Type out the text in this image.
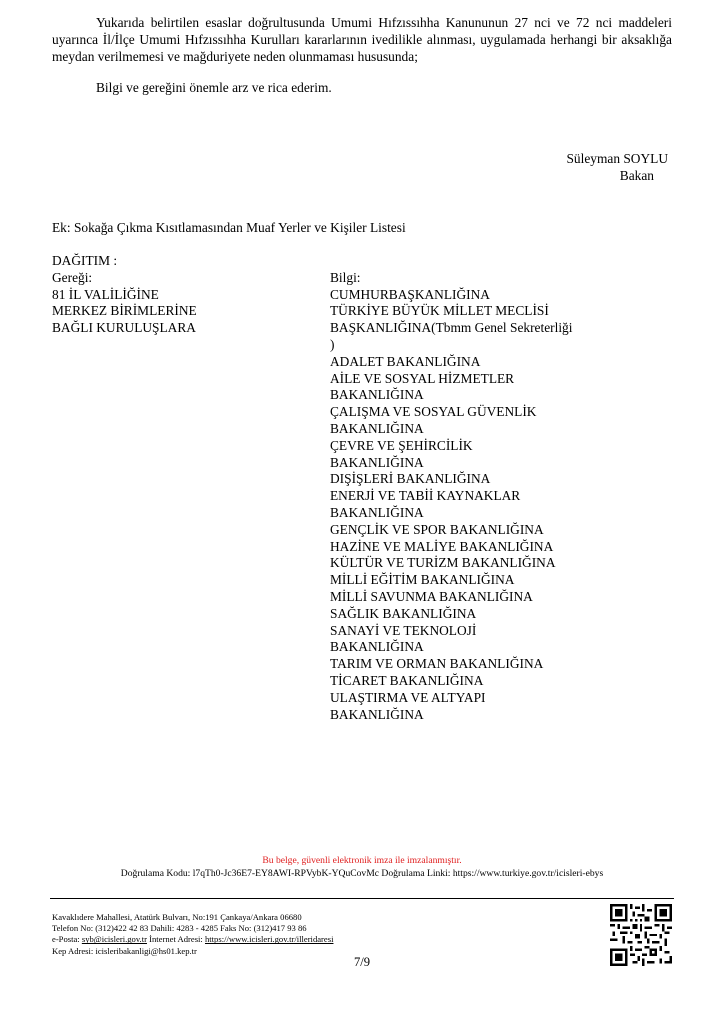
Yukarıda belirtilen esaslar doğrultusunda Umumi Hıfzıssıhha Kanununun 27 nci ve 72 nci maddeleri uyarınca İl/İlçe Umumi Hıfzıssıhha Kurulları kararlarının ivedilikle alınması, uygulamada herhangi bir aksaklığa meydan verilmemesi ve mağduriyete neden olunmaması hususunda;

Bilgi ve gereğini önemle arz ve rica ederim.

Süleyman SOYLU
Bakan
Ek: Sokağa Çıkma Kısıtlamasından Muaf Yerler ve Kişiler Listesi
DAĞITIM :
Gereği:
81 İL VALİLİĞİNE
MERKEZ BİRİMLERİNE
BAĞLI KURULUŞLARA
Bilgi:
CUMHURBAŞKANLIĞINA
TÜRKİYE BÜYÜK MİLLET MECLİSİ
BAŞKANLIĞINA(Tbmm Genel Sekreterliği
)
ADALET BAKANLIĞINA
AİLE VE SOSYAL HİZMETLER
BAKANLIĞINA
ÇALIŞMA VE SOSYAL GÜVENLİK
BAKANLIĞINA
ÇEVRE VE ŞEHİRCİLİK
BAKANLIĞINA
DIŞİŞLERİ BAKANLIĞINA
ENERJİ VE TABİİ KAYNAKLAR
BAKANLIĞINA
GENÇLİK VE SPOR BAKANLIĞINA
HAZİNE VE MALİYE BAKANLIĞINA
KÜLTÜR VE TURİZM BAKANLIĞINA
MİLLİ EĞİTİM BAKANLIĞINA
MİLLİ SAVUNMA BAKANLIĞINA
SAĞLIK BAKANLIĞINA
SANAYİ VE TEKNOLOJİ
BAKANLIĞINA
TARIM VE ORMAN BAKANLIĞINA
TİCARET BAKANLIĞINA
ULAŞTIRMA VE ALTYAPI
BAKANLIĞINA
Bu belge, güvenli elektronik imza ile imzalanmıştır.
Doğrulama Kodu: l7qTh0-Jc36E7-EY8AWI-RPVybK-YQuCovMc Doğrulama Linki: https://www.turkiye.gov.tr/icisleri-ebys
Kavaklıdere Mahallesi, Atatürk Bulvarı, No:191 Çankaya/Ankara 06680
Telefon No: (312)422 42 83 Dahili: 4283 - 4285 Faks No: (312)417 93 86
e-Posta: syb@icisleri.gov.tr İnternet Adresi: https://www.icisleri.gov.tr/illeridaresi
Kep Adresi: icisleribakanligi@hs01.kep.tr
7/9
